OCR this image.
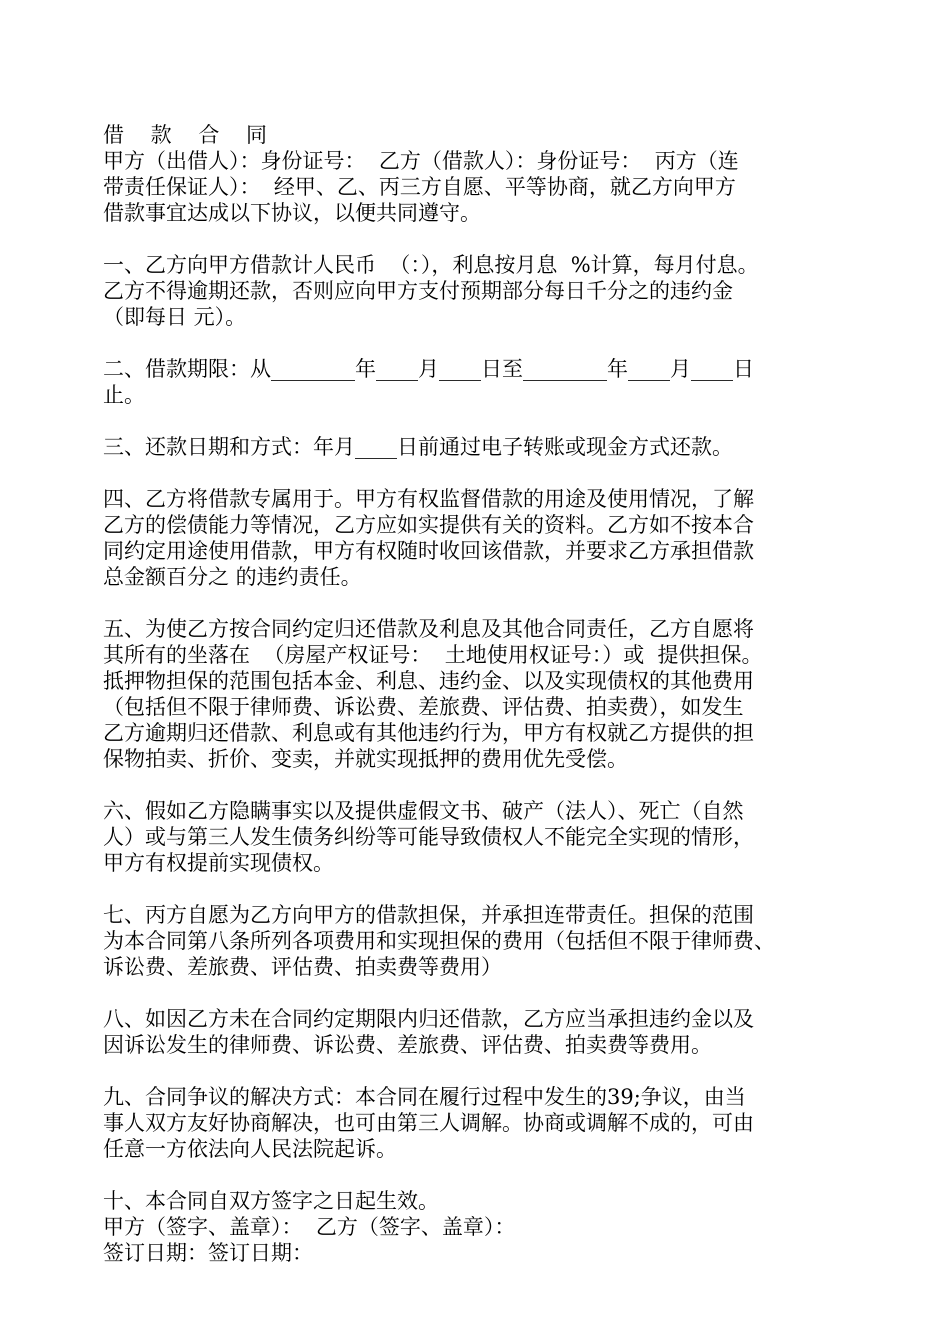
借 款 合 同
甲方（出借人）：身份证号：  乙方（借款人）：身份证号：  丙方（连
带责任保证人）：  经甲、乙、丙三方自愿、平等协商，就乙方向甲方
借款事宜达成以下协议，以便共同遵守。
一、乙方向甲方借款计人民币  （：），利息按月息  %计算，每月付息。
乙方不得逾期还款，否则应向甲方支付预期部分每日千分之的违约金
（即每日 元）。
二、借款期限：从________年____月____日至________年____月____日
止。
三、还款日期和方式：年月____日前通过电子转账或现金方式还款。
四、乙方将借款专属用于。甲方有权监督借款的用途及使用情况，了解
乙方的偿债能力等情况，乙方应如实提供有关的资料。乙方如不按本合
同约定用途使用借款，甲方有权随时收回该借款，并要求乙方承担借款
总金额百分之 的违约责任。
五、为使乙方按合同约定归还借款及利息及其他合同责任，乙方自愿将
其所有的坐落在  （房屋产权证号：  土地使用权证号：）或  提供担保。
抵押物担保的范围包括本金、利息、违约金、以及实现债权的其他费用
（包括但不限于律师费、诉讼费、差旅费、评估费、拍卖费），如发生
乙方逾期归还借款、利息或有其他违约行为，甲方有权就乙方提供的担
保物拍卖、折价、变卖，并就实现抵押的费用优先受偿。
六、假如乙方隐瞒事实以及提供虚假文书、破产（法人）、死亡（自然
人）或与第三人发生债务纠纷等可能导致债权人不能完全实现的情形，
甲方有权提前实现债权。
七、丙方自愿为乙方向甲方的借款担保，并承担连带责任。担保的范围
为本合同第八条所列各项费用和实现担保的费用（包括但不限于律师费、
诉讼费、差旅费、评估费、拍卖费等费用）
八、如因乙方未在合同约定期限内归还借款，乙方应当承担违约金以及
因诉讼发生的律师费、诉讼费、差旅费、评估费、拍卖费等费用。
九、合同争议的解决方式：本合同在履行过程中发生的39;争议，由当
事人双方友好协商解决，也可由第三人调解。协商或调解不成的，可由
任意一方依法向人民法院起诉。
十、本合同自双方签字之日起生效。
甲方（签字、盖章）：  乙方（签字、盖章）：
签订日期：签订日期：
